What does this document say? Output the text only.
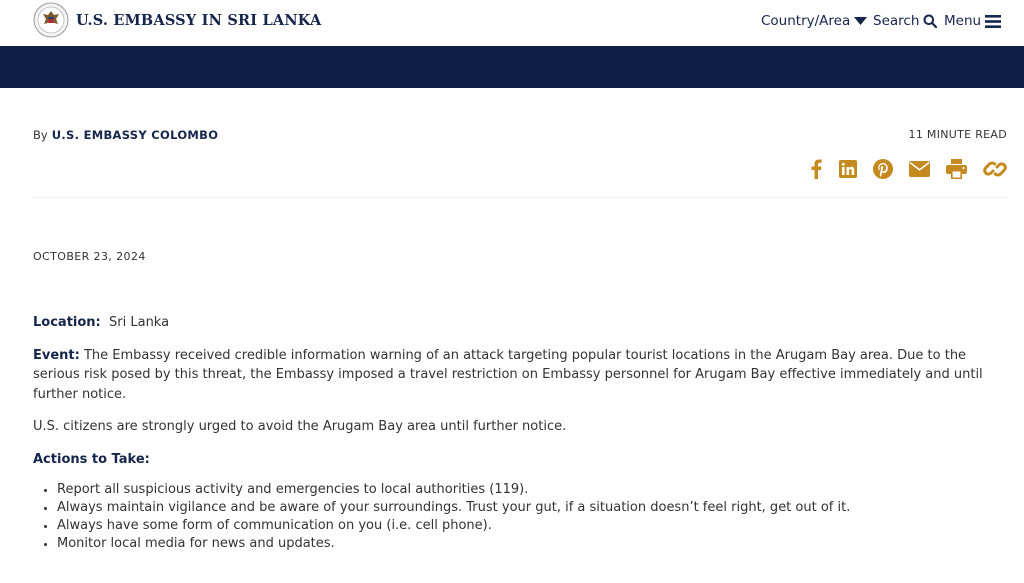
U.S. EMBASSY IN SRI LANKA	Country/Area Search Menu
By U.S. EMBASSY COLOMBO	11 MINUTE READ
OCTOBER 23, 2024

Location: Sri Lanka

Event: The Embassy received credible information warning of an attack targeting popular tourist locations in the Arugam Bay area. Due to the serious risk posed by this threat, the Embassy imposed a travel restriction on Embassy personnel for Arugam Bay effective immediately and until further notice.

U.S. citizens are strongly urged to avoid the Arugam Bay area until further notice.

Actions to Take:

• Report all suspicious activity and emergencies to local authorities (119).
• Always maintain vigilance and be aware of your surroundings. Trust your gut, if a situation doesn’t feel right, get out of it.
• Always have some form of communication on you (i.e. cell phone).
• Monitor local media for news and updates.
